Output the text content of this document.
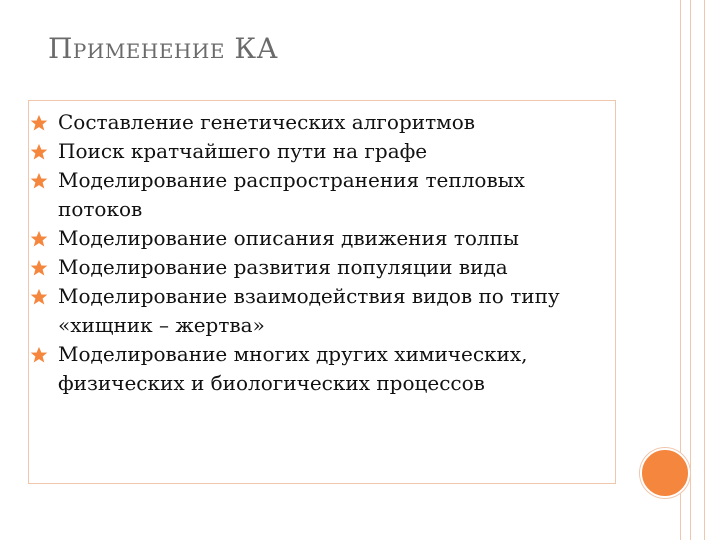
Применение КА
Составление генетических алгоритмов
Поиск кратчайшего пути на графе
Моделирование распространения тепловых потоков
Моделирование описания движения толпы
Моделирование развития популяции вида
Моделирование взаимодействия видов по типу «хищник – жертва»
Моделирование многих других химических, физических и биологических процессов
